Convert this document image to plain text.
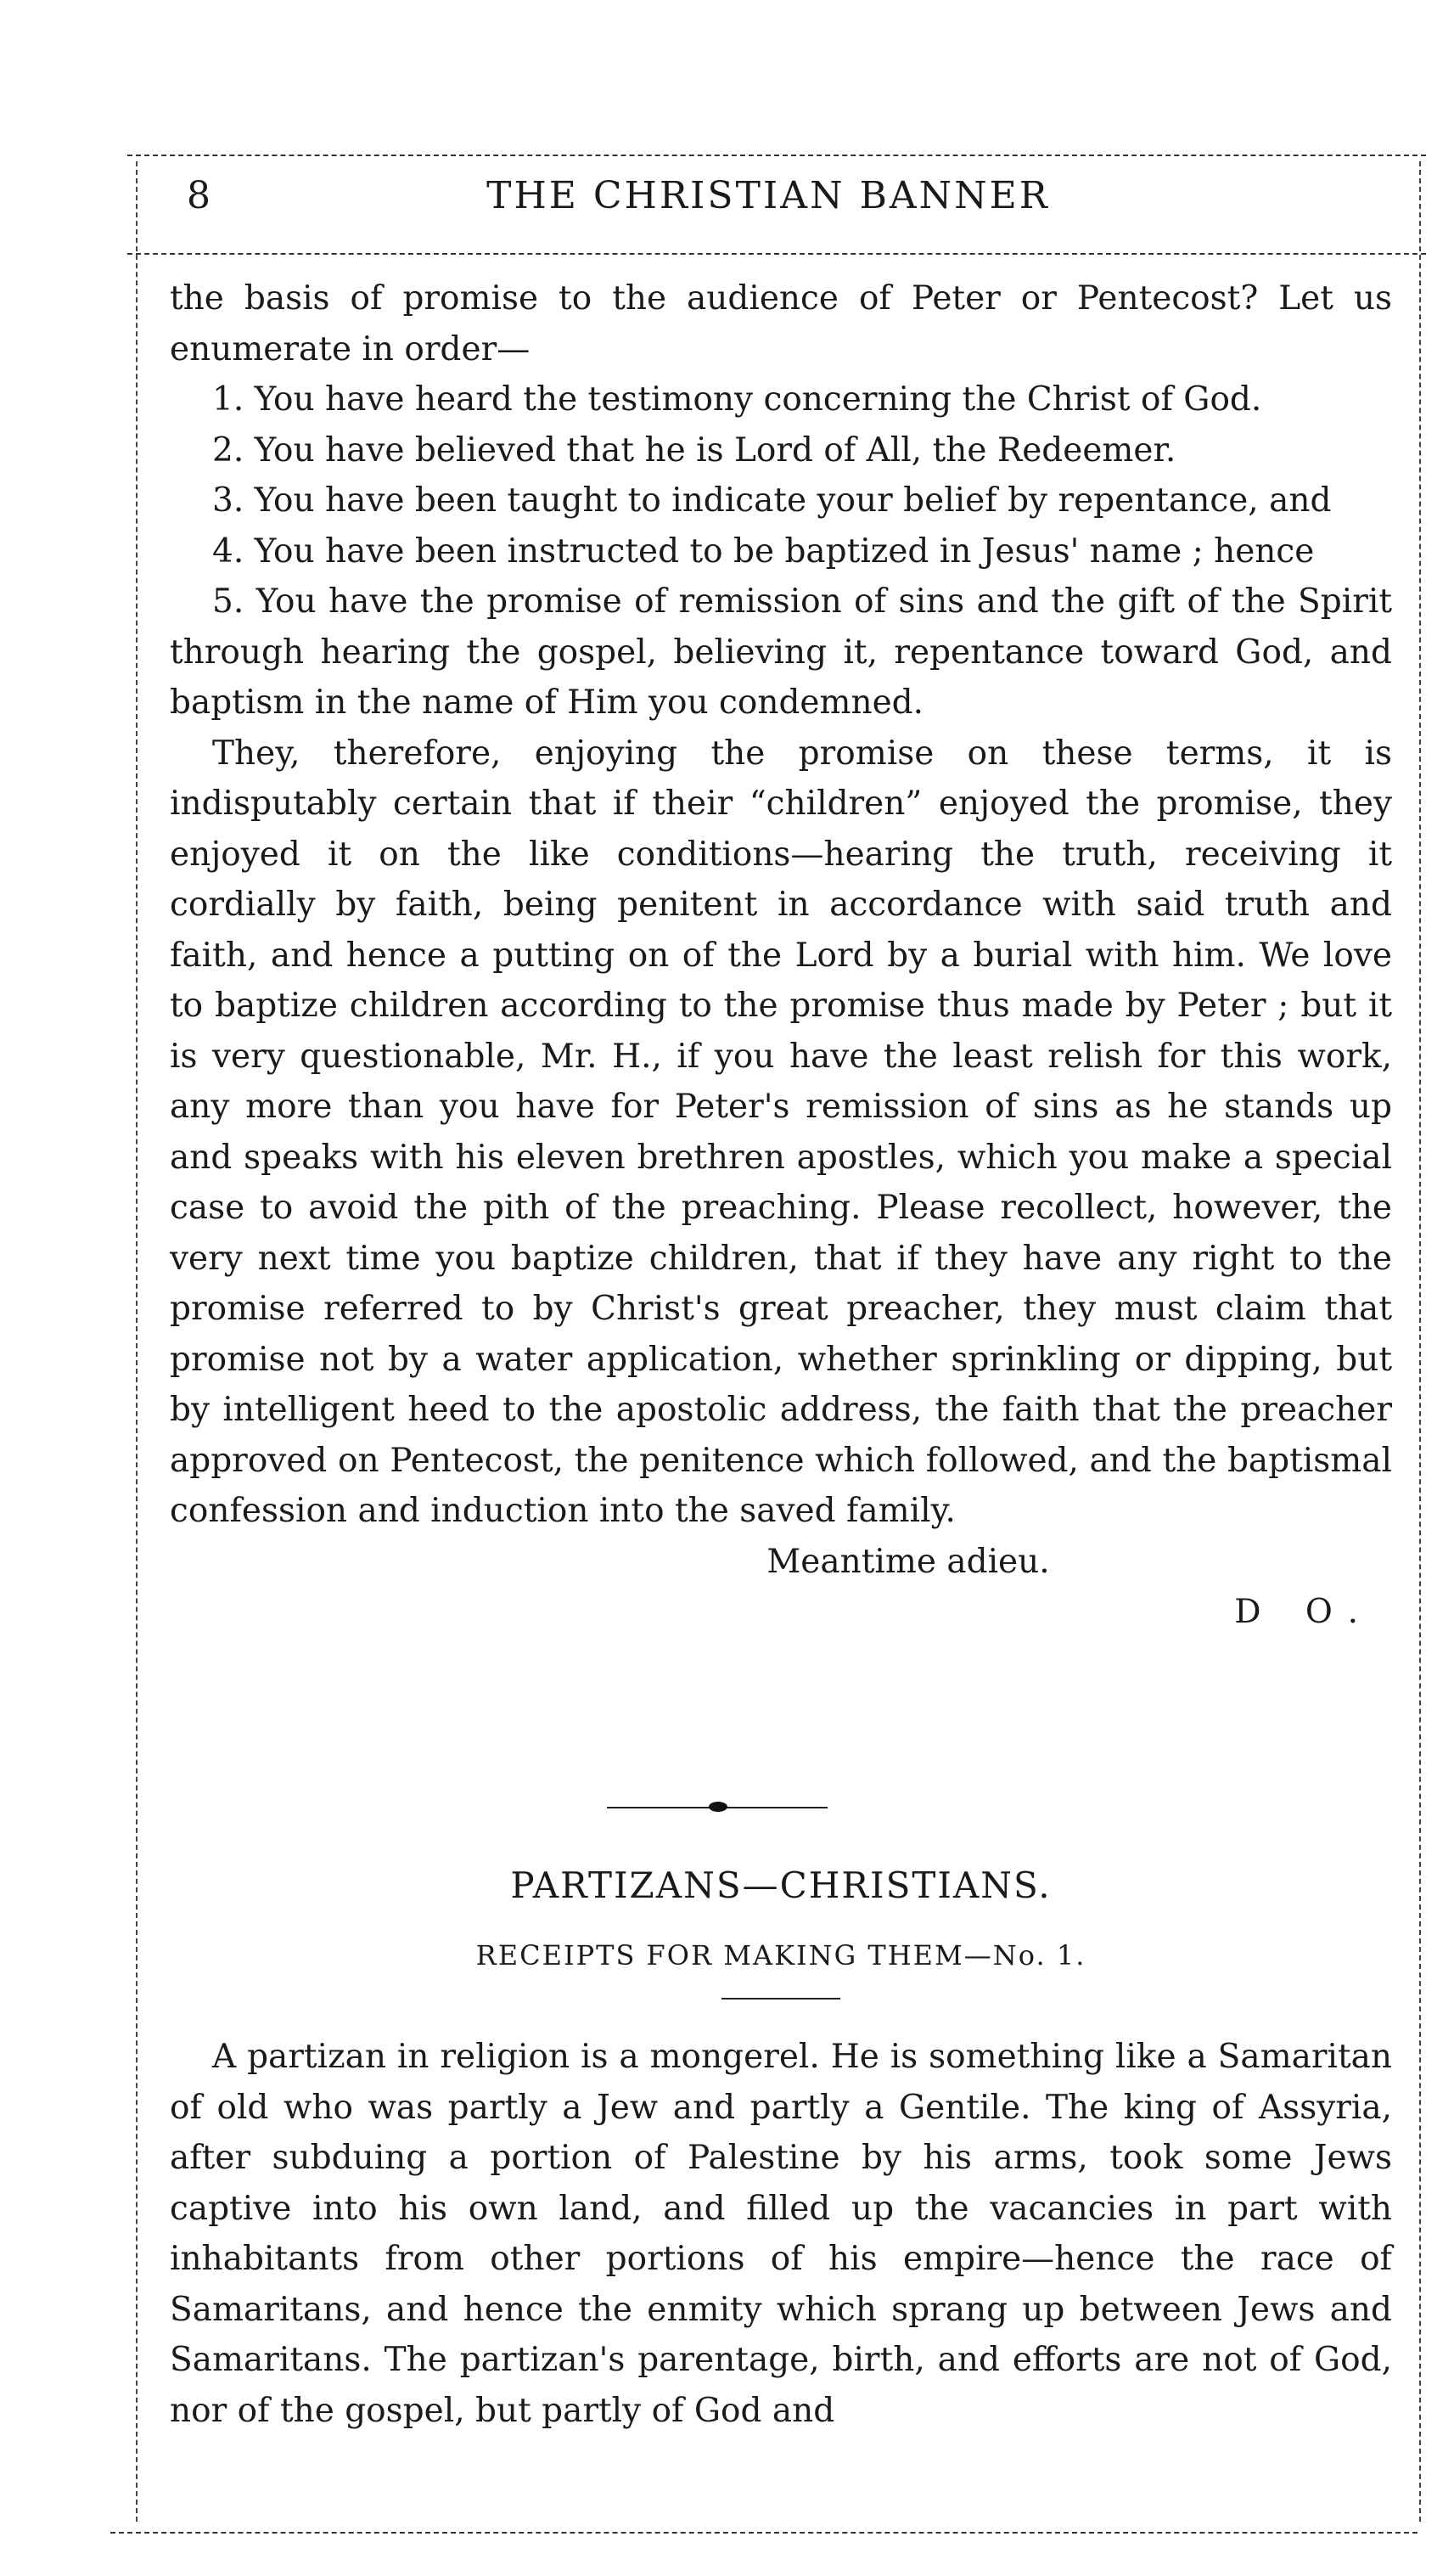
8	THE CHRISTIAN BANNER

the basis of promise to the audience of Peter or Pentecost? Let us enumerate in order—

1. You have heard the testimony concerning the Christ of God.

2. You have believed that he is Lord of All, the Redeemer.

3. You have been taught to indicate your belief by repentance, and

4. You have been instructed to be baptized in Jesus' name ; hence

5. You have the promise of remission of sins and the gift of the Spirit through hearing the gospel, believing it, repentance toward God, and baptism in the name of Him you condemned.

They, therefore, enjoying the promise on these terms, it is indisputably certain that if their “children” enjoyed the promise, they enjoyed it on the like conditions—hearing the truth, receiving it cordially by faith, being penitent in accordance with said truth and faith, and hence a putting on of the Lord by a burial with him. We love to baptize children according to the promise thus made by Peter ; but it is very questionable, Mr. H., if you have the least relish for this work, any more than you have for Peter's remission of sins as he stands up and speaks with his eleven brethren apostles, which you make a special case to avoid the pith of the preaching. Please recollect, however, the very next time you baptize children, that if they have any right to the promise referred to by Christ's great preacher, they must claim that promise not by a water application, whether sprinkling or dipping, but by intelligent heed to the apostolic address, the faith that the preacher approved on Pentecost, the penitence which followed, and the baptismal confession and induction into the saved family.

Meantime adieu.

D O.

PARTIZANS—CHRISTIANS.
RECEIPTS FOR MAKING THEM—No. 1.

A partizan in religion is a mongerel. He is something like a Samaritan of old who was partly a Jew and partly a Gentile. The king of Assyria, after subduing a portion of Palestine by his arms, took some Jews captive into his own land, and filled up the vacancies in part with inhabitants from other portions of his empire—hence the race of Samaritans, and hence the enmity which sprang up between Jews and Samaritans. The partizan's parentage, birth, and efforts are not of God, nor of the gospel, but partly of God and
